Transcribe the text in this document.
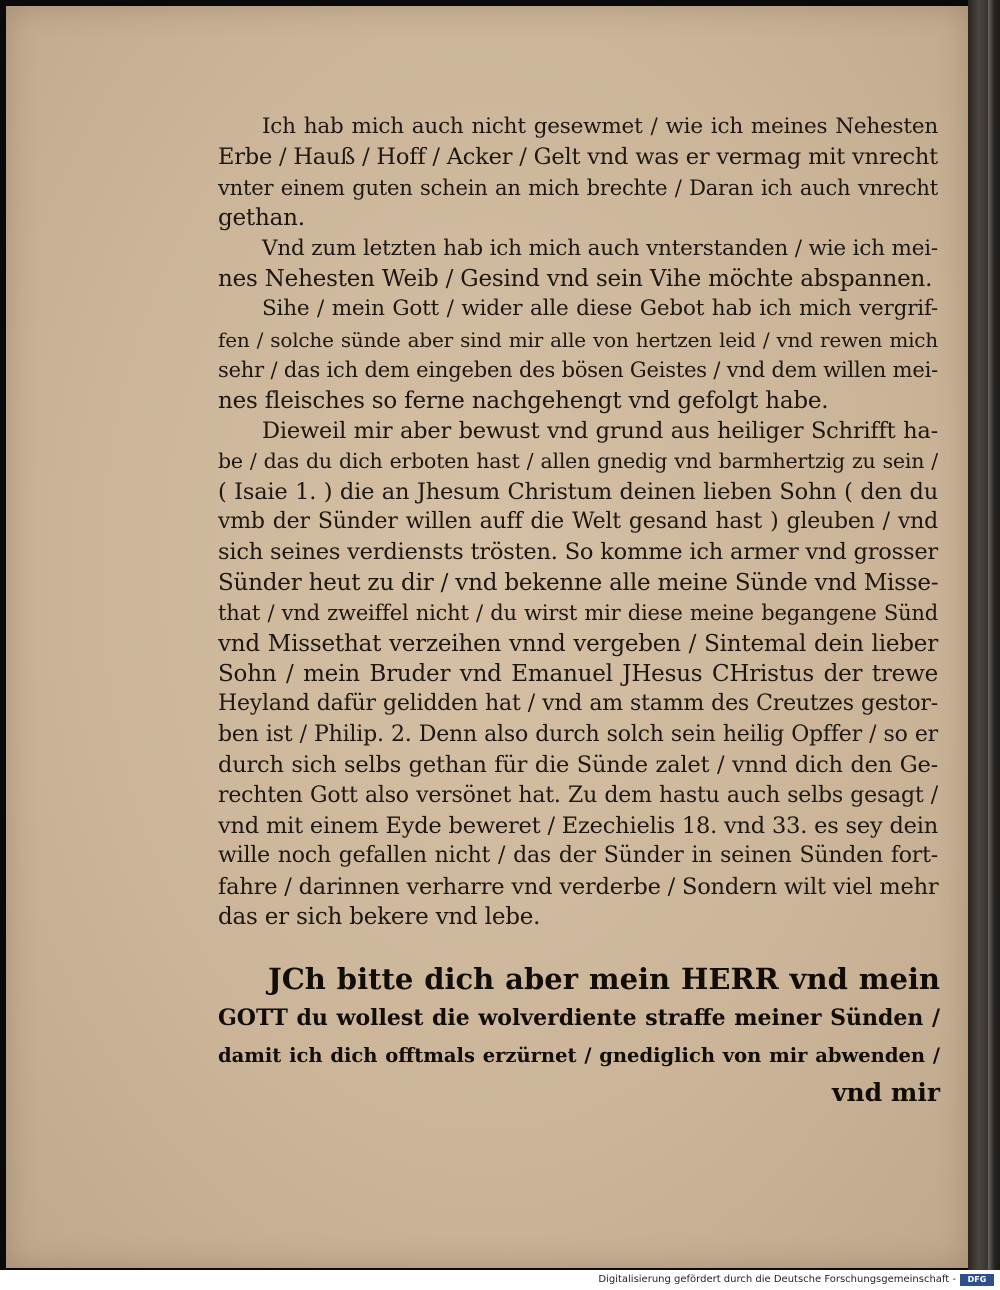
Ich hab mich auch nicht gesewmet / wie ich meines Nehesten
Erbe / Hauß / Hoff / Acker / Gelt vnd was er vermag mit vnrecht
vnter einem guten schein an mich brechte / Daran ich auch vnrecht
gethan.
Vnd zum letzten hab ich mich auch vnterstanden / wie ich mei-
nes Nehesten Weib / Gesind vnd sein Vihe möchte abspannen.
Sihe / mein Gott / wider alle diese Gebot hab ich mich vergrif-
fen / solche sünde aber sind mir alle von hertzen leid / vnd rewen mich
sehr / das ich dem eingeben des bösen Geistes / vnd dem willen mei-
nes fleisches so ferne nachgehengt vnd gefolgt habe.
Dieweil mir aber bewust vnd grund aus heiliger Schrifft ha-
be / das du dich erboten hast / allen gnedig vnd barmhertzig zu sein /
( Isaie 1. ) die an Jhesum Christum deinen lieben Sohn ( den du
vmb der Sünder willen auff die Welt gesand hast ) gleuben / vnd
sich seines verdiensts trösten. So komme ich armer vnd grosser
Sünder heut zu dir / vnd bekenne alle meine Sünde vnd Misse-
that / vnd zweiffel nicht / du wirst mir diese meine begangene Sünd
vnd Missethat verzeihen vnnd vergeben / Sintemal dein lieber
Sohn / mein Bruder vnd Emanuel JHesus CHristus der trewe
Heyland dafür gelidden hat / vnd am stamm des Creutzes gestor-
ben ist / Philip. 2. Denn also durch solch sein heilig Opffer / so er
durch sich selbs gethan für die Sünde zalet / vnnd dich den Ge-
rechten Gott also versönet hat. Zu dem hastu auch selbs gesagt /
vnd mit einem Eyde beweret / Ezechielis 18. vnd 33. es sey dein
wille noch gefallen nicht / das der Sünder in seinen Sünden fort-
fahre / darinnen verharre vnd verderbe / Sondern wilt viel mehr
das er sich bekere vnd lebe.
JCh bitte dich aber mein HERR vnd mein
GOTT du wollest die wolverdiente straffe meiner Sünden /
damit ich dich offtmals erzürnet / gnediglich von mir abwenden /
vnd mir
Digitalisierung gefördert durch die Deutsche Forschungsgemeinschaft -	DFG
